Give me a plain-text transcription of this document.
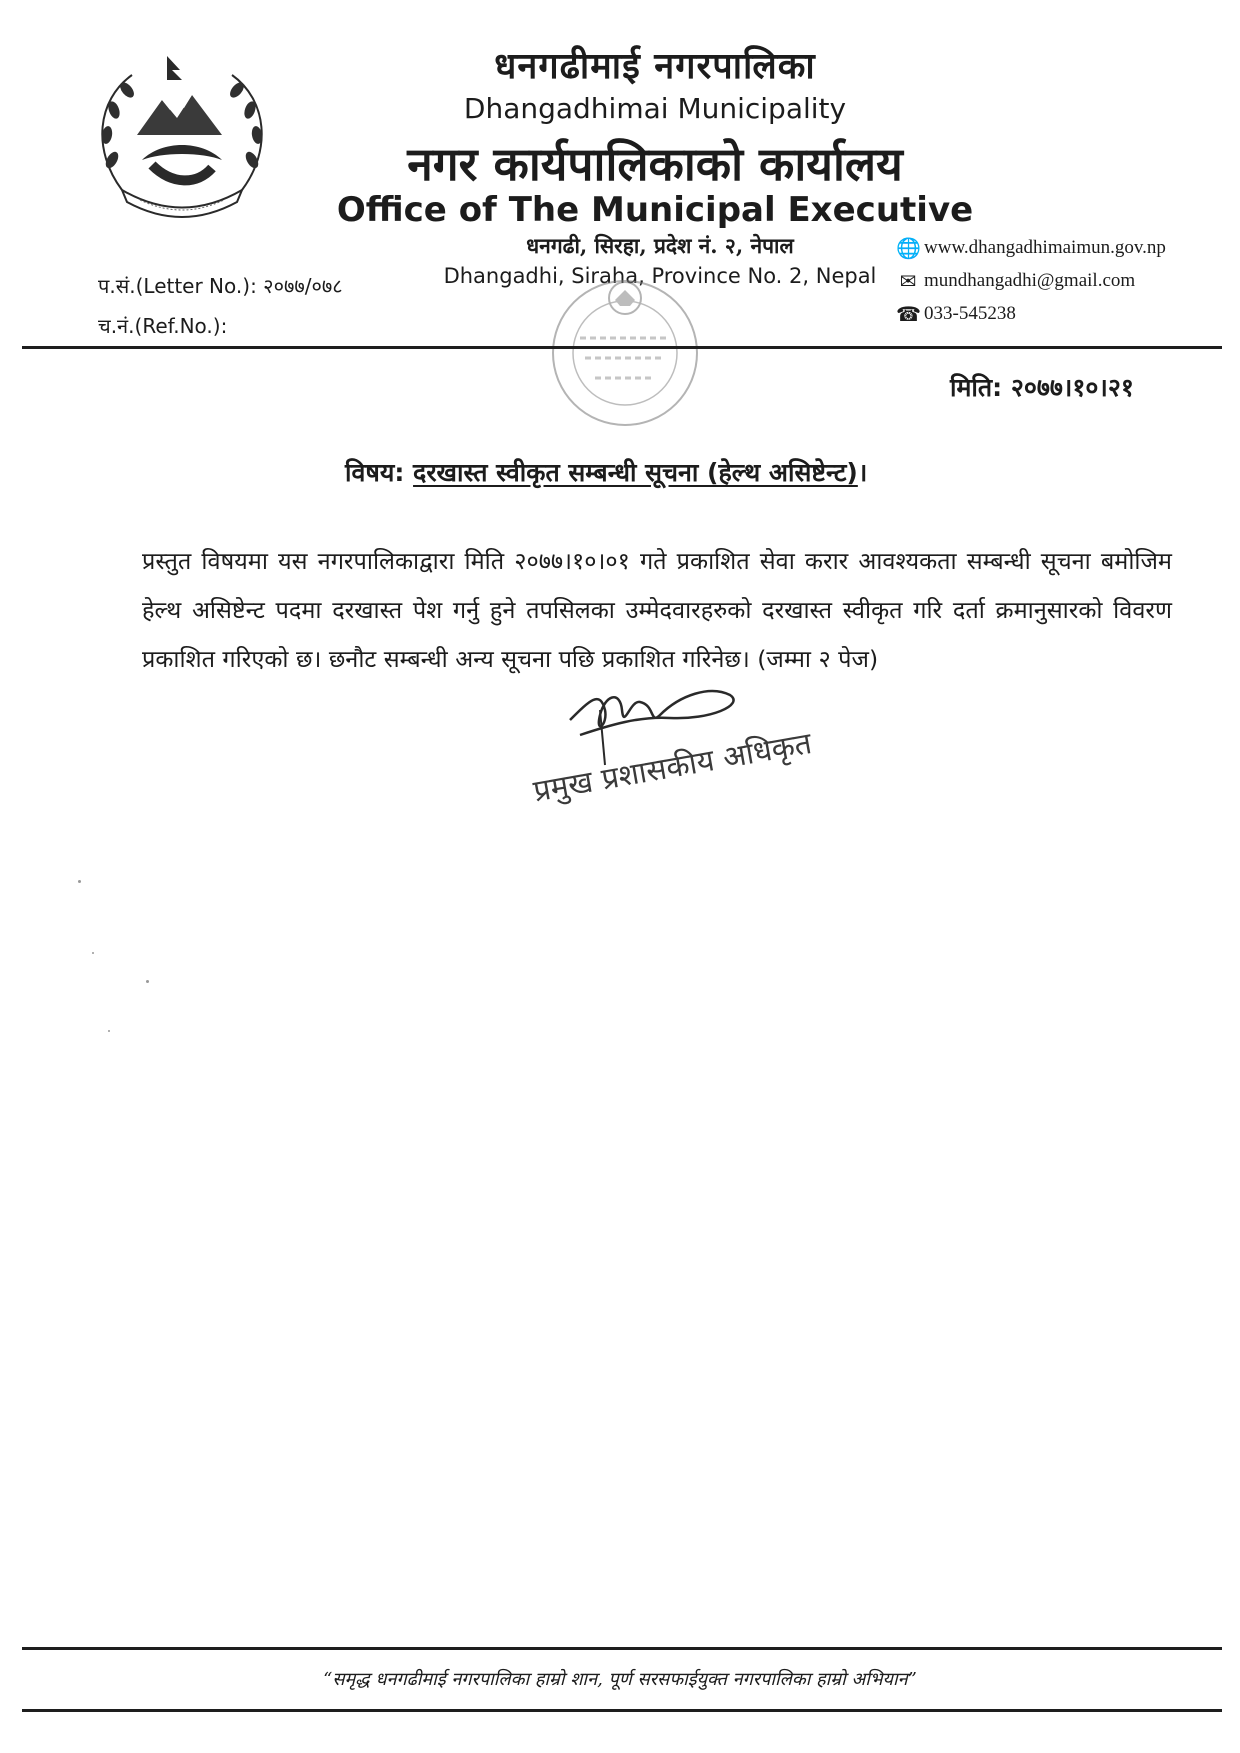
धनगढीमाई नगरपालिका
Dhangadhimai Municipality
नगर कार्यपालिकाको कार्यालय
Office of The Municipal Executive
धनगढी, सिरहा, प्रदेश नं. २, नेपाल
Dhangadhi, Siraha, Province No. 2, Nepal
🌐 www.dhangadhimaimun.gov.np
✉ mundhangadhi@gmail.com
☎ 033-545238
प.सं.(Letter No.): २०७७/०७८
च.नं.(Ref.No.):
मिति: २०७७।१०।२१
विषय: दरखास्त स्वीकृत सम्बन्धी सूचना (हेल्थ असिष्टेन्ट)।
प्रस्तुत विषयमा यस नगरपालिकाद्वारा मिति २०७७।१०।०१ गते प्रकाशित सेवा करार आवश्यकता सम्बन्धी सूचना बमोजिम हेल्थ असिष्टेन्ट पदमा दरखास्त पेश गर्नु हुने तपसिलका उम्मेदवारहरुको दरखास्त स्वीकृत गरि दर्ता क्रमानुसारको विवरण प्रकाशित गरिएको छ। छनौट सम्बन्धी अन्य सूचना पछि प्रकाशित गरिनेछ। (जम्मा २ पेज)
प्रमुख प्रशासकीय अधिकृत
“समृद्ध धनगढीमाई नगरपालिका हाम्रो शान, पूर्ण सरसफाईयुक्त नगरपालिका हाम्रो अभियान”
